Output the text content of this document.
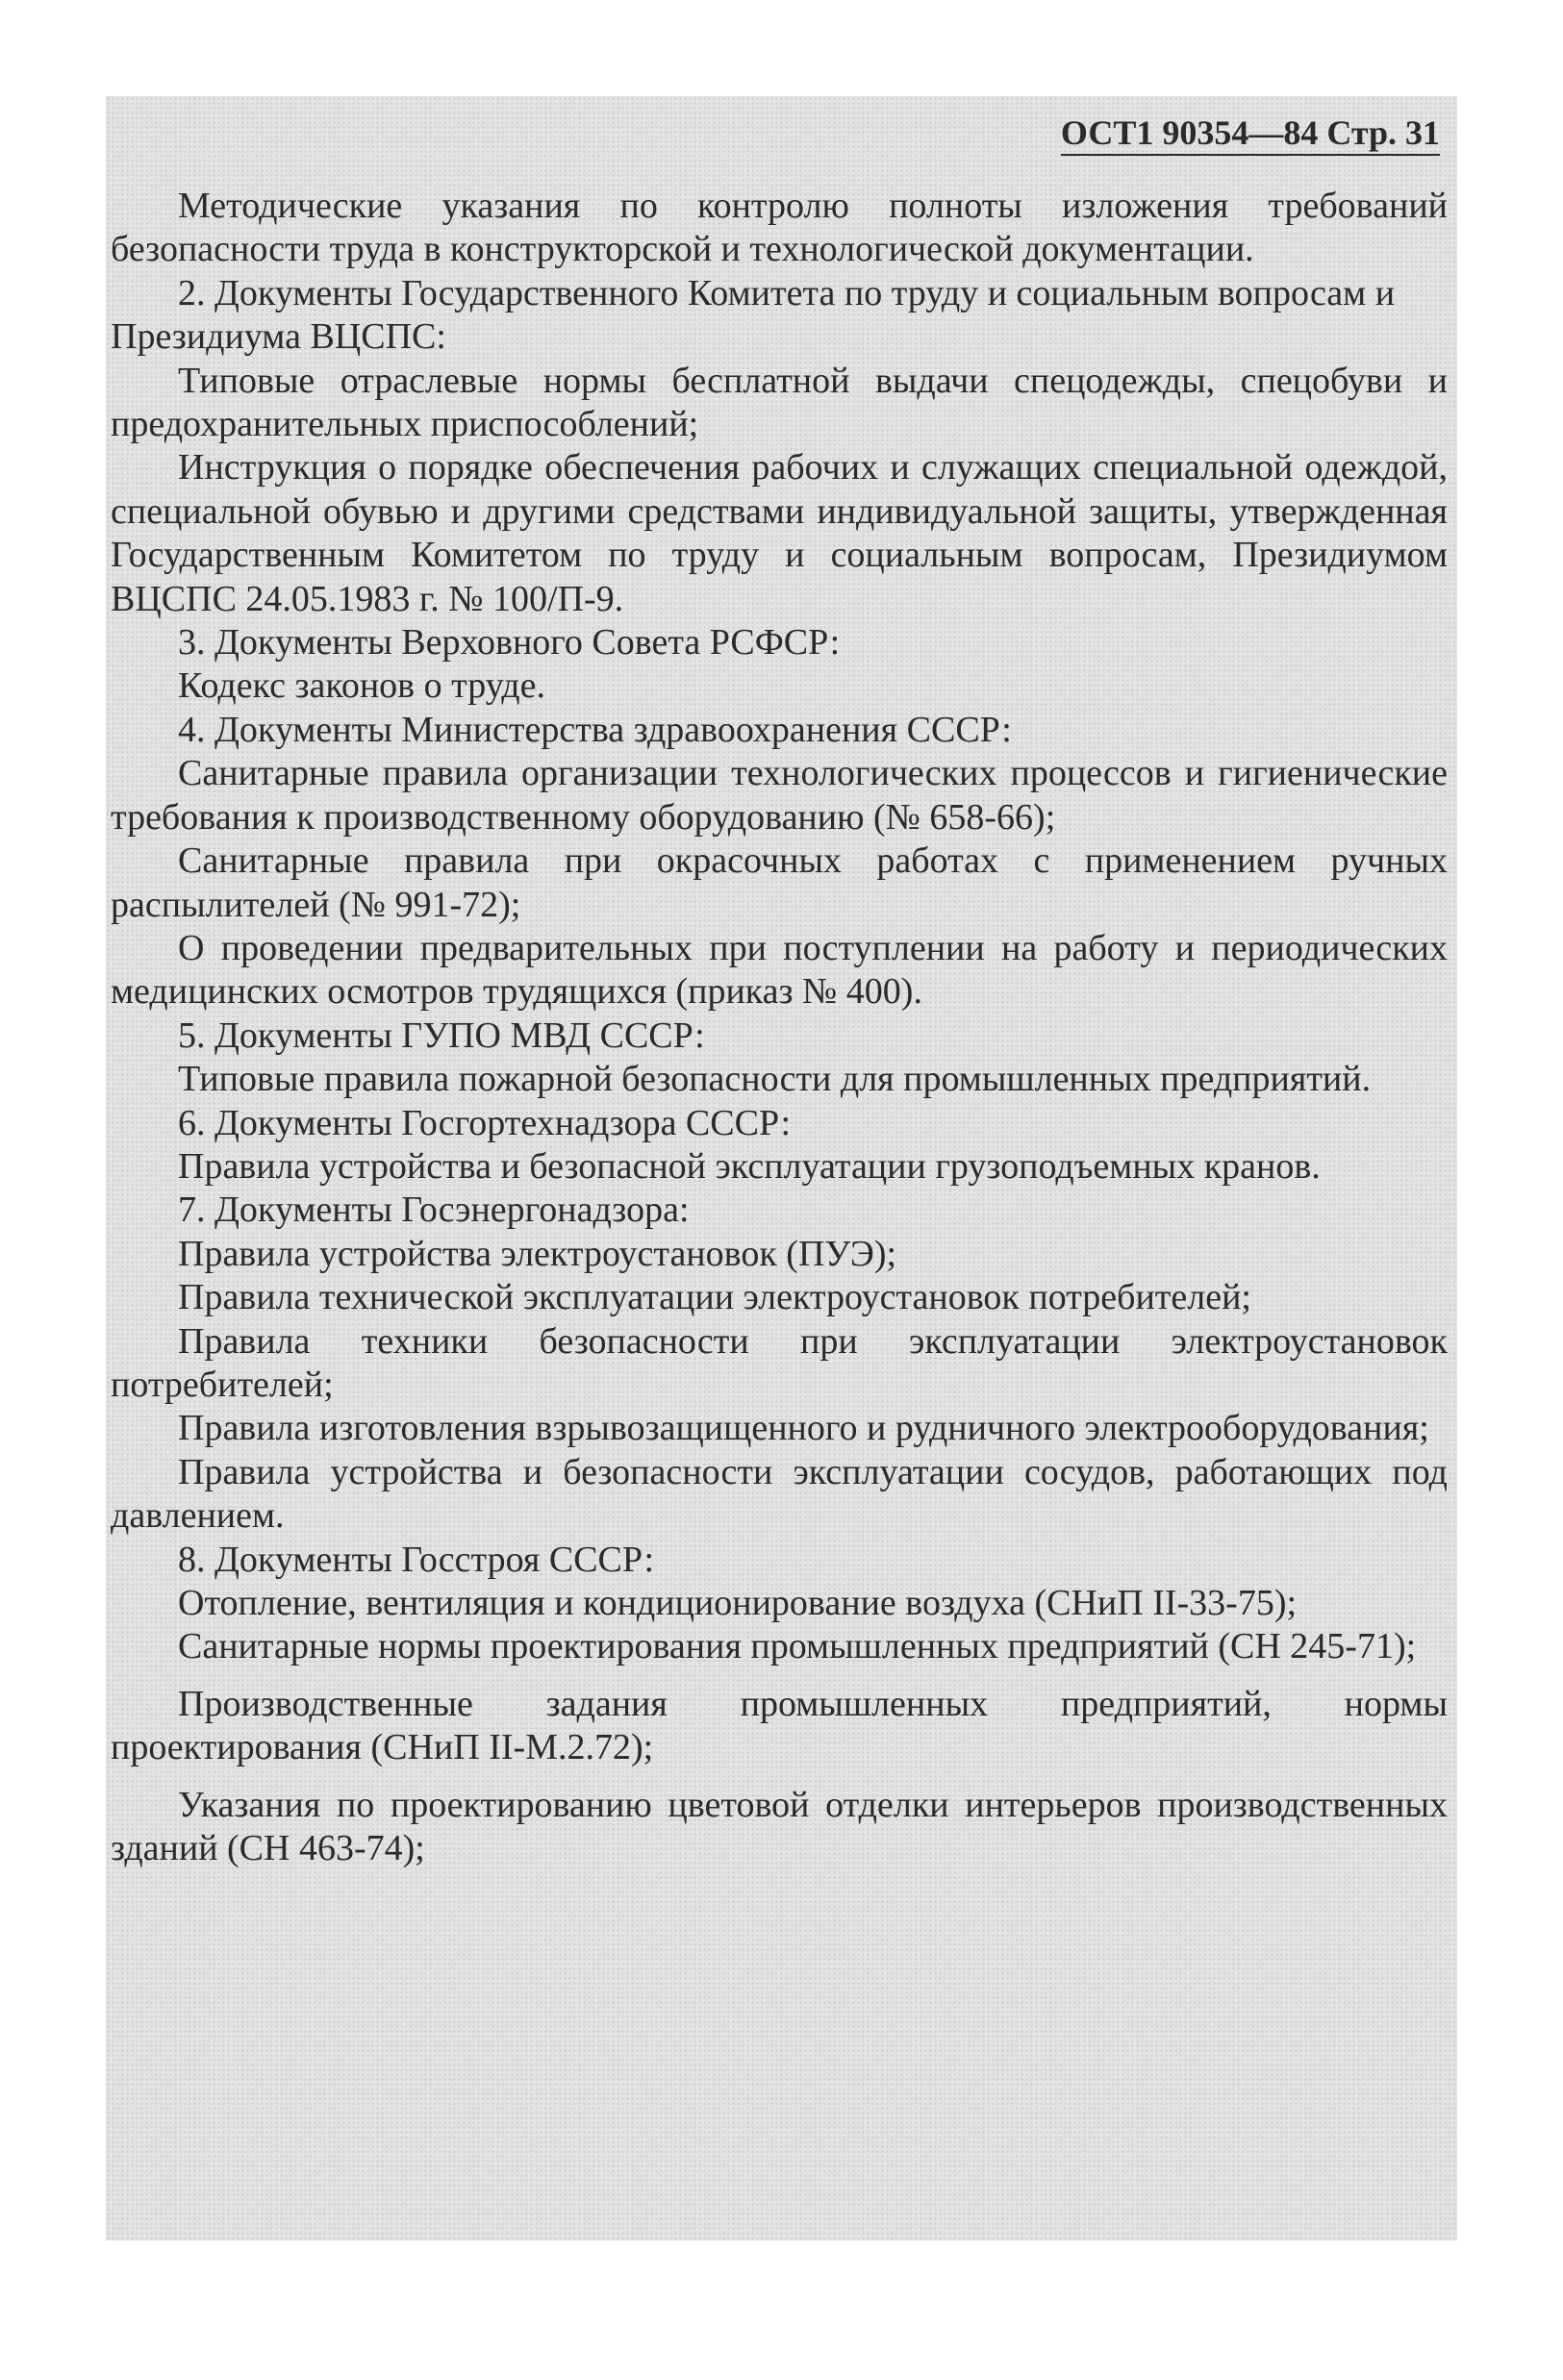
ОСТ1 90354—84 Стр. 31

Методические указания по контролю полноты изложения требований безопасности труда в конструкторской и технологической документации.

2. Документы Государственного Комитета по труду и социальным вопросам и Президиума ВЦСПС:

Типовые отраслевые нормы бесплатной выдачи спецодежды, спецобуви и предохранительных приспособлений;

Инструкция о порядке обеспечения рабочих и служащих специальной одеждой, специальной обувью и другими средствами индивидуальной защиты, утвержденная Государственным Комитетом по труду и социальным вопросам, Президиумом ВЦСПС 24.05.1983 г. № 100/П-9.

3. Документы Верховного Совета РСФСР:

Кодекс законов о труде.

4. Документы Министерства здравоохранения СССР:

Санитарные правила организации технологических процессов и гигиенические требования к производственному оборудованию (№ 658-66);

Санитарные правила при окрасочных работах с применением ручных распылителей (№ 991-72);

О проведении предварительных при поступлении на работу и периодических медицинских осмотров трудящихся (приказ № 400).

5. Документы ГУПО МВД СССР:

Типовые правила пожарной безопасности для промышленных предприятий.

6. Документы Госгортехнадзора СССР:

Правила устройства и безопасной эксплуатации грузоподъемных кранов.

7. Документы Госэнергонадзора:

Правила устройства электроустановок (ПУЭ);

Правила технической эксплуатации электроустановок потребителей;

Правила техники безопасности при эксплуатации электроустановок потребителей;

Правила изготовления взрывозащищенного и рудничного электрооборудования;

Правила устройства и безопасности эксплуатации сосудов, работающих под давлением.

8. Документы Госстроя СССР:

Отопление, вентиляция и кондиционирование воздуха (СНиП II-33-75);

Санитарные нормы проектирования промышленных предприятий (СН 245-71);

Производственные задания промышленных предприятий, нормы проектирования (СНиП II-М.2.72);

Указания по проектированию цветовой отделки интерьеров производственных зданий (СН 463-74);
